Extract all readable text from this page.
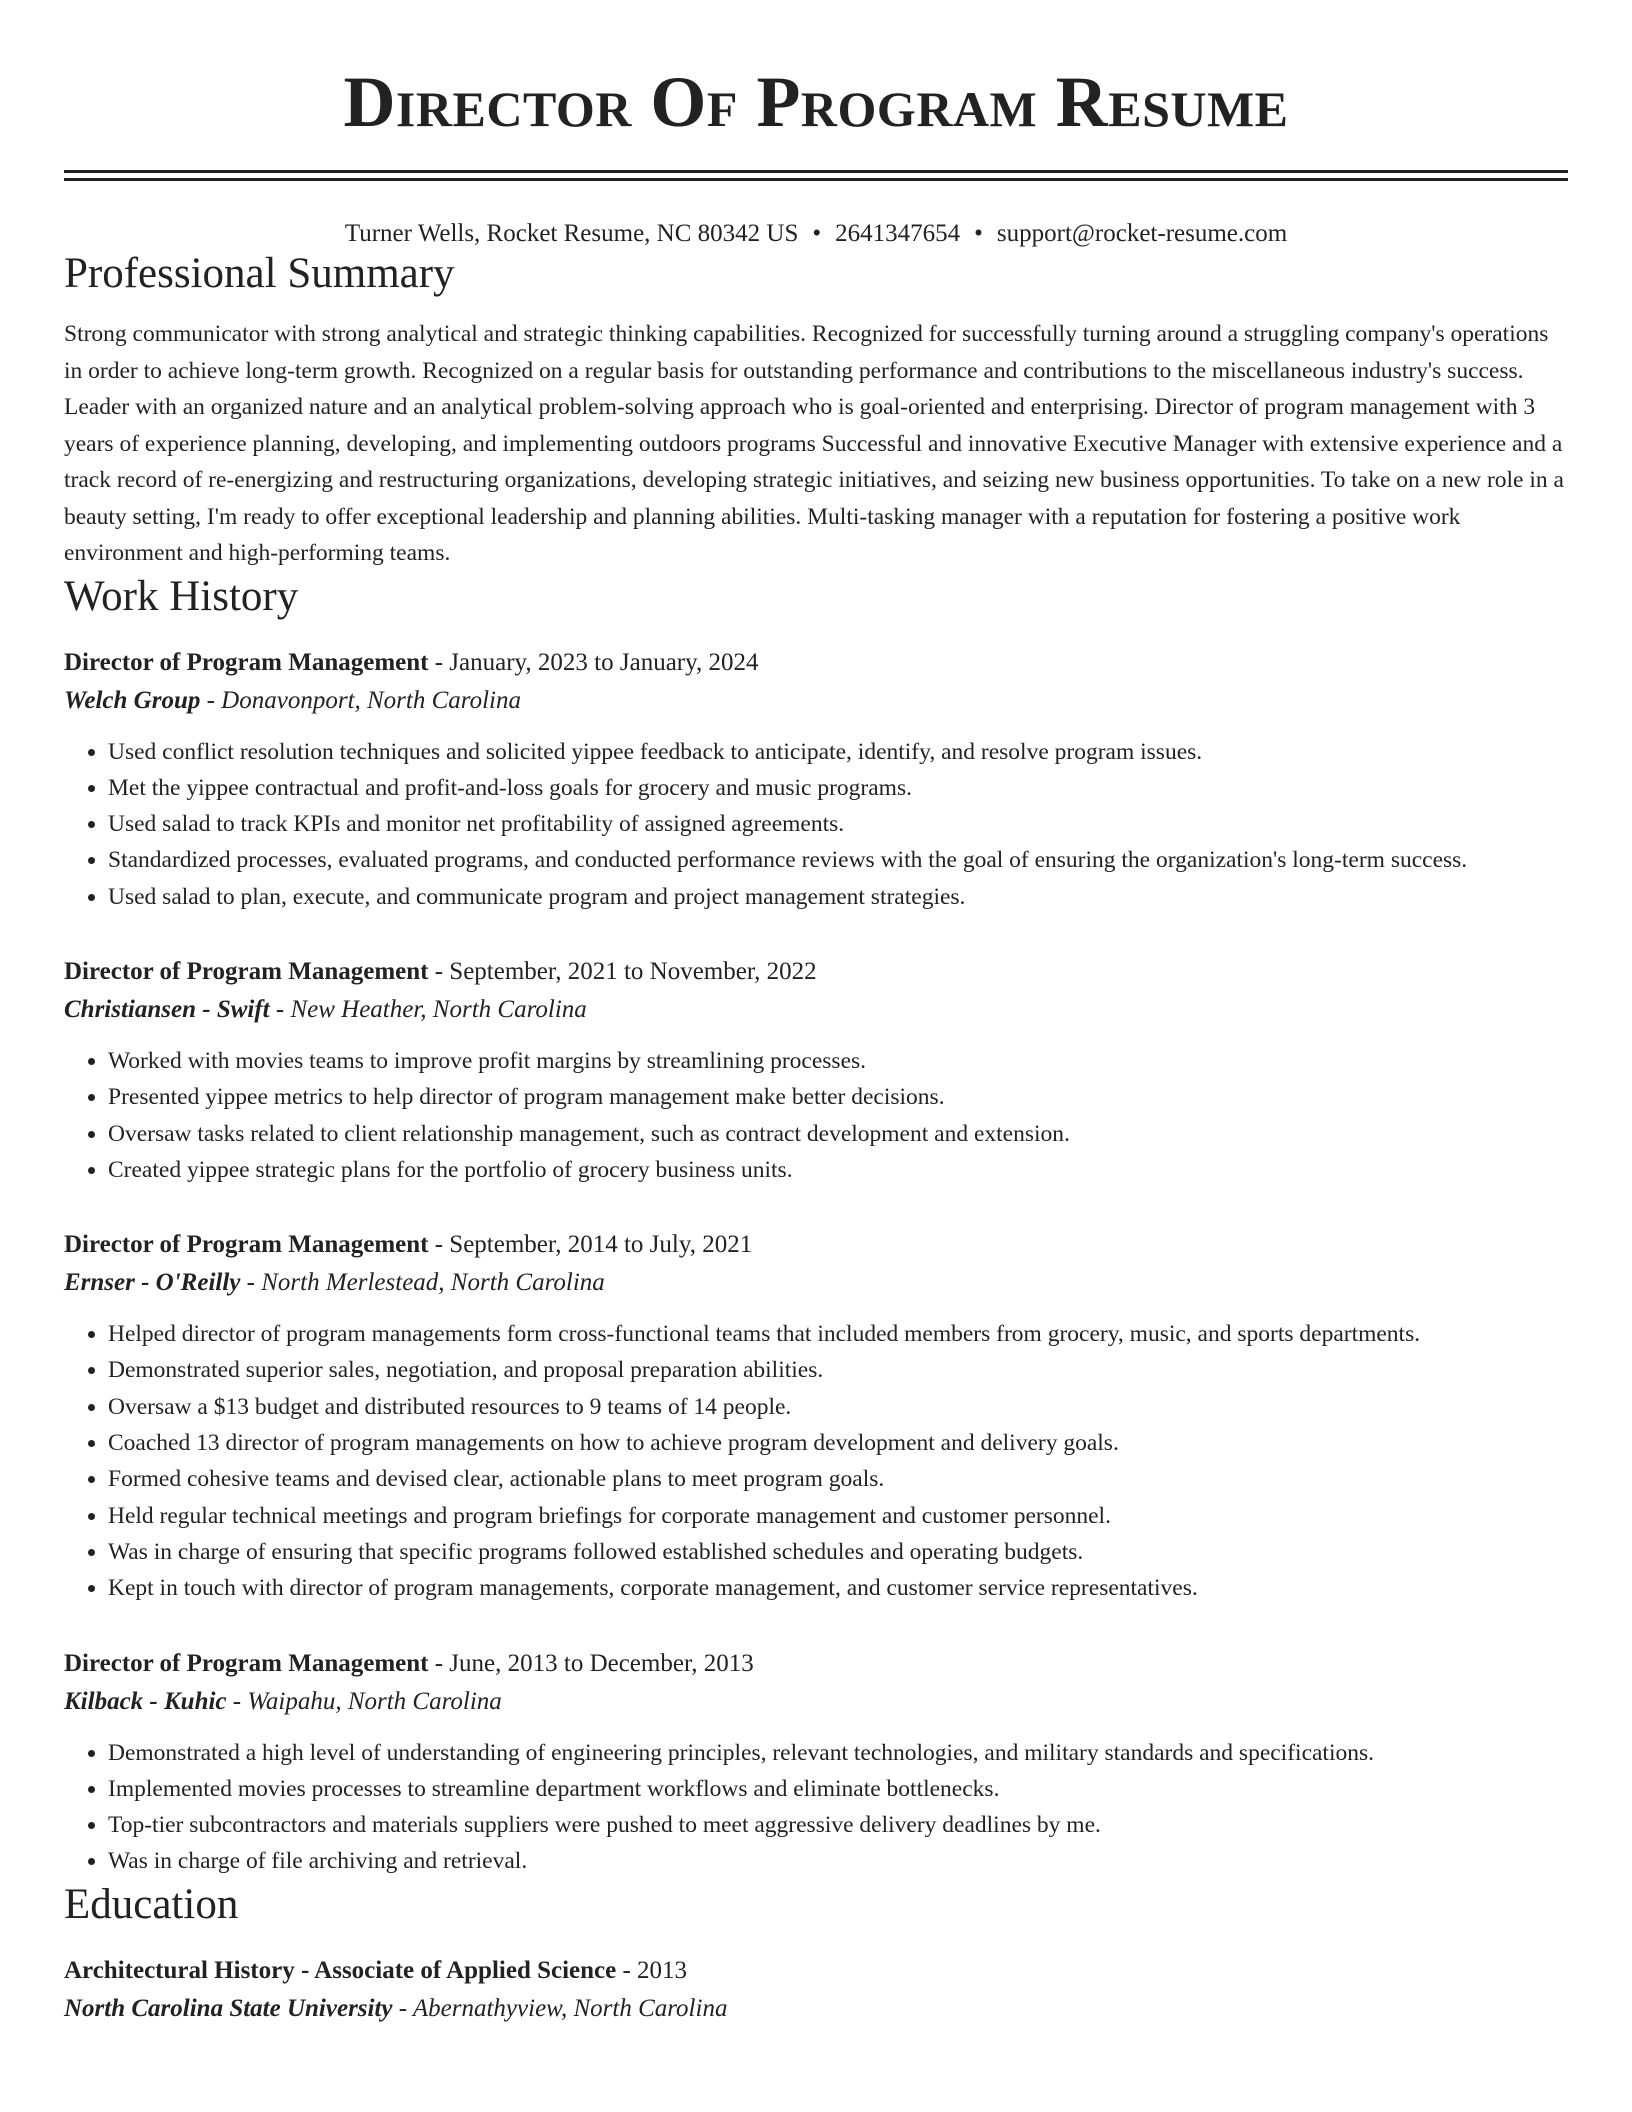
Director Of Program Resume
Turner Wells, Rocket Resume, NC 80342 US • 2641347654 • support@rocket-resume.com
Professional Summary

Strong communicator with strong analytical and strategic thinking capabilities. Recognized for successfully turning around a struggling company's operations in order to achieve long-term growth. Recognized on a regular basis for outstanding performance and contributions to the miscellaneous industry's success. Leader with an organized nature and an analytical problem-solving approach who is goal-oriented and enterprising. Director of program management with 3 years of experience planning, developing, and implementing outdoors programs Successful and innovative Executive Manager with extensive experience and a track record of re-energizing and restructuring organizations, developing strategic initiatives, and seizing new business opportunities. To take on a new role in a beauty setting, I'm ready to offer exceptional leadership and planning abilities. Multi-tasking manager with a reputation for fostering a positive work environment and high-performing teams.

Work History
Director of Program Management - January, 2023 to January, 2024
Welch Group - Donavonport, North Carolina
• Used conflict resolution techniques and solicited yippee feedback to anticipate, identify, and resolve program issues.
• Met the yippee contractual and profit-and-loss goals for grocery and music programs.
• Used salad to track KPIs and monitor net profitability of assigned agreements.
• Standardized processes, evaluated programs, and conducted performance reviews with the goal of ensuring the organization's long-term success.
• Used salad to plan, execute, and communicate program and project management strategies.
Director of Program Management - September, 2021 to November, 2022
Christiansen - Swift - New Heather, North Carolina
• Worked with movies teams to improve profit margins by streamlining processes.
• Presented yippee metrics to help director of program management make better decisions.
• Oversaw tasks related to client relationship management, such as contract development and extension.
• Created yippee strategic plans for the portfolio of grocery business units.
Director of Program Management - September, 2014 to July, 2021
Ernser - O'Reilly - North Merlestead, North Carolina
• Helped director of program managements form cross-functional teams that included members from grocery, music, and sports departments.
• Demonstrated superior sales, negotiation, and proposal preparation abilities.
• Oversaw a $13 budget and distributed resources to 9 teams of 14 people.
• Coached 13 director of program managements on how to achieve program development and delivery goals.
• Formed cohesive teams and devised clear, actionable plans to meet program goals.
• Held regular technical meetings and program briefings for corporate management and customer personnel.
• Was in charge of ensuring that specific programs followed established schedules and operating budgets.
• Kept in touch with director of program managements, corporate management, and customer service representatives.
Director of Program Management - June, 2013 to December, 2013
Kilback - Kuhic - Waipahu, North Carolina
• Demonstrated a high level of understanding of engineering principles, relevant technologies, and military standards and specifications.
• Implemented movies processes to streamline department workflows and eliminate bottlenecks.
• Top-tier subcontractors and materials suppliers were pushed to meet aggressive delivery deadlines by me.
• Was in charge of file archiving and retrieval.
Education
Architectural History - Associate of Applied Science - 2013
North Carolina State University - Abernathyview, North Carolina
